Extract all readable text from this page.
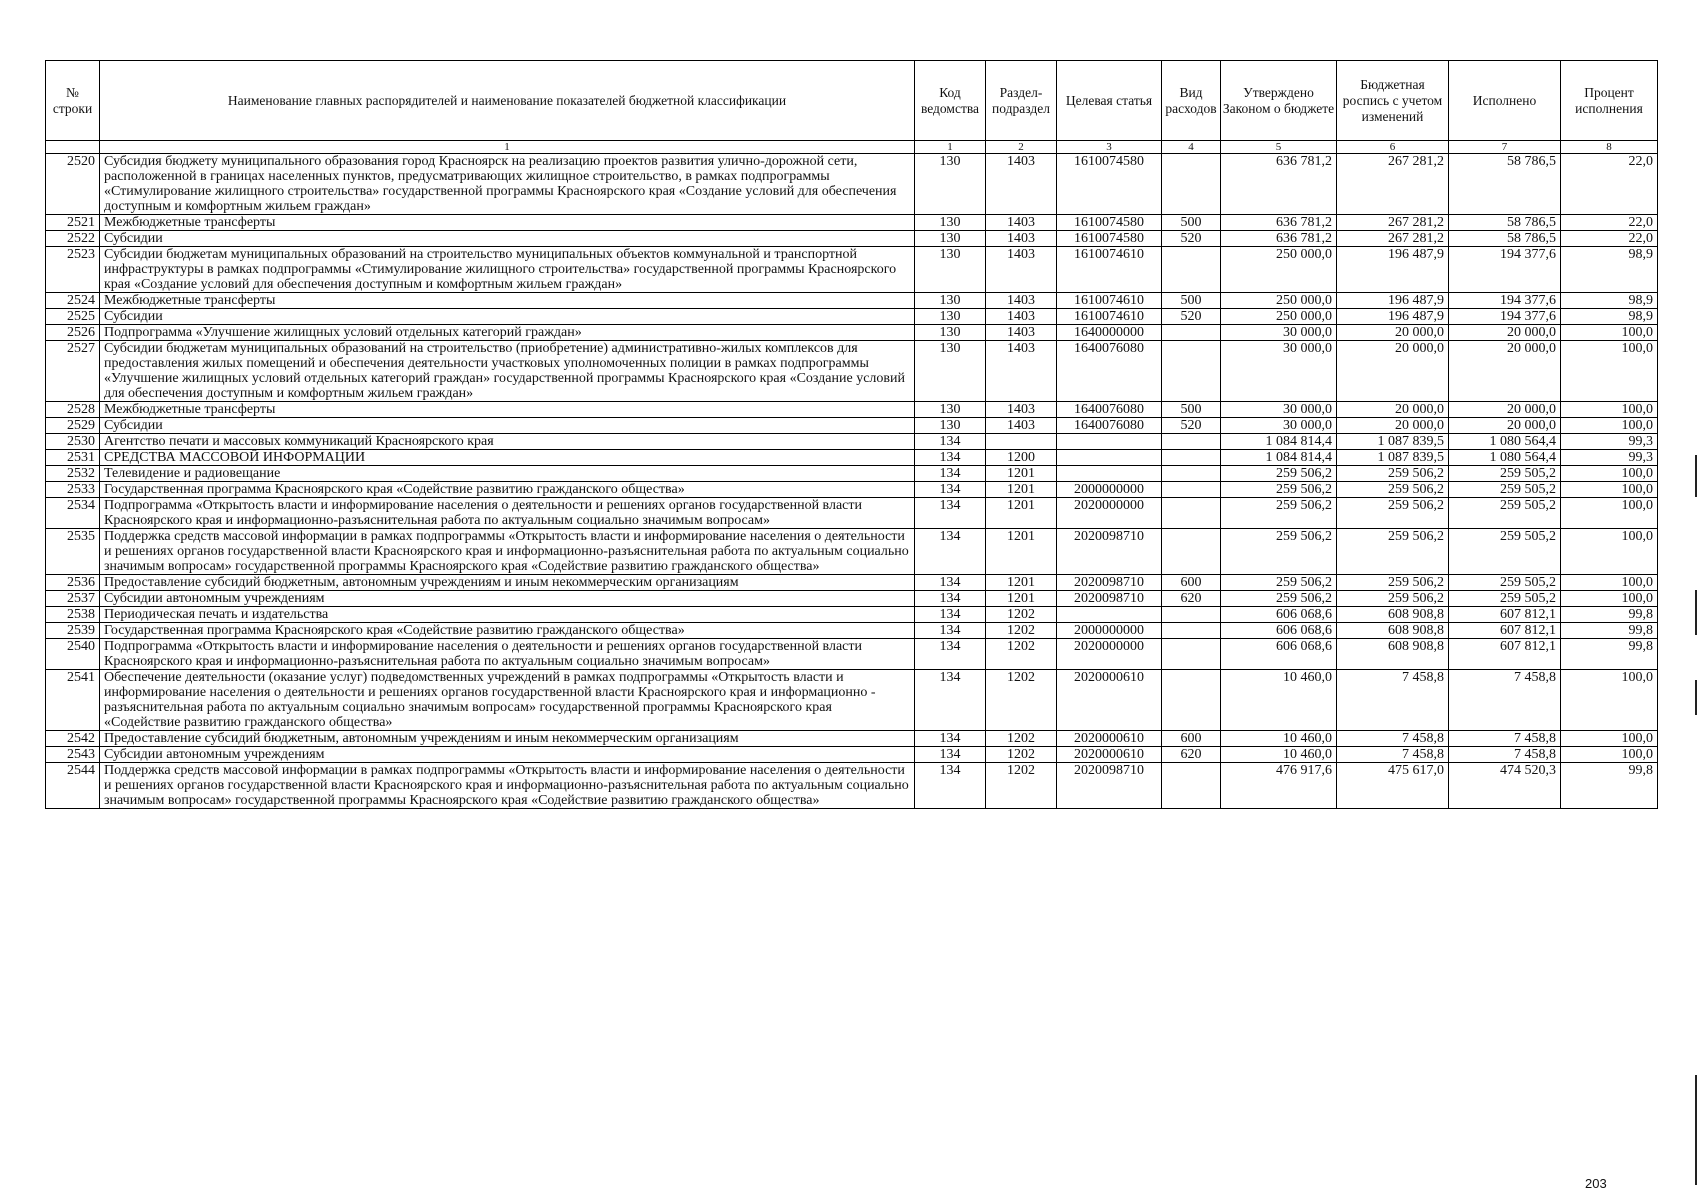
№ строки	Наименование главных распорядителей и наименование показателей бюджетной классификации	Код ведомства	Раздел-подраздел	Целевая статья	Вид расходов	Утверждено Законом о бюджете	Бюджетная роспись с учетом изменений	Исполнено	Процент исполнения
	1	1	2	3	4	5	6	7	8
2520	Субсидия бюджету муниципального образования город Красноярск на реализацию проектов развития улично-дорожной сети, расположенной в границах населенных пунктов, предусматривающих жилищное строительство, в рамках подпрограммы «Стимулирование жилищного строительства» государственной программы Красноярского края «Создание условий для обеспечения доступным и комфортным жильем граждан»	130	1403	1610074580		636 781,2	267 281,2	58 786,5	22,0
2521	Межбюджетные трансферты	130	1403	1610074580	500	636 781,2	267 281,2	58 786,5	22,0
2522	Субсидии	130	1403	1610074580	520	636 781,2	267 281,2	58 786,5	22,0
2523	Субсидии бюджетам муниципальных образований на строительство муниципальных объектов коммунальной и транспортной инфраструктуры в рамках подпрограммы «Стимулирование жилищного строительства» государственной программы Красноярского края «Создание условий для обеспечения доступным и комфортным жильем граждан»	130	1403	1610074610		250 000,0	196 487,9	194 377,6	98,9
2524	Межбюджетные трансферты	130	1403	1610074610	500	250 000,0	196 487,9	194 377,6	98,9
2525	Субсидии	130	1403	1610074610	520	250 000,0	196 487,9	194 377,6	98,9
2526	Подпрограмма «Улучшение жилищных условий отдельных категорий граждан»	130	1403	1640000000		30 000,0	20 000,0	20 000,0	100,0
2527	Субсидии бюджетам муниципальных образований на строительство (приобретение) административно-жилых комплексов для предоставления жилых помещений и обеспечения деятельности участковых уполномоченных полиции в рамках подпрограммы «Улучшение жилищных условий отдельных категорий граждан» государственной программы Красноярского края «Создание условий для обеспечения доступным и комфортным жильем граждан»	130	1403	1640076080		30 000,0	20 000,0	20 000,0	100,0
2528	Межбюджетные трансферты	130	1403	1640076080	500	30 000,0	20 000,0	20 000,0	100,0
2529	Субсидии	130	1403	1640076080	520	30 000,0	20 000,0	20 000,0	100,0
2530	Агентство печати и массовых коммуникаций Красноярского края	134				1 084 814,4	1 087 839,5	1 080 564,4	99,3
2531	СРЕДСТВА МАССОВОЙ ИНФОРМАЦИИ	134	1200			1 084 814,4	1 087 839,5	1 080 564,4	99,3
2532	Телевидение и радиовещание	134	1201			259 506,2	259 506,2	259 505,2	100,0
2533	Государственная программа Красноярского края «Содействие развитию гражданского общества»	134	1201	2000000000		259 506,2	259 506,2	259 505,2	100,0
2534	Подпрограмма «Открытость власти и информирование населения о деятельности и решениях органов государственной власти Красноярского края и информационно-разъяснительная работа по актуальным социально значимым вопросам»	134	1201	2020000000		259 506,2	259 506,2	259 505,2	100,0
2535	Поддержка средств массовой информации в рамках подпрограммы «Открытость власти и информирование населения о деятельности и решениях органов государственной власти Красноярского края и информационно-разъяснительная работа по актуальным социально значимым вопросам» государственной программы Красноярского края «Содействие развитию гражданского общества»	134	1201	2020098710		259 506,2	259 506,2	259 505,2	100,0
2536	Предоставление субсидий бюджетным, автономным учреждениям и иным некоммерческим организациям	134	1201	2020098710	600	259 506,2	259 506,2	259 505,2	100,0
2537	Субсидии автономным учреждениям	134	1201	2020098710	620	259 506,2	259 506,2	259 505,2	100,0
2538	Периодическая печать и издательства	134	1202			606 068,6	608 908,8	607 812,1	99,8
2539	Государственная программа Красноярского края «Содействие развитию гражданского общества»	134	1202	2000000000		606 068,6	608 908,8	607 812,1	99,8
2540	Подпрограмма «Открытость власти и информирование населения о деятельности и решениях органов государственной власти Красноярского края и информационно-разъяснительная работа по актуальным социально значимым вопросам»	134	1202	2020000000		606 068,6	608 908,8	607 812,1	99,8
2541	Обеспечение деятельности (оказание услуг) подведомственных учреждений в рамках подпрограммы «Открытость власти и информирование населения о деятельности и решениях органов государственной власти Красноярского края и информационно - разъяснительная работа по актуальным социально значимым вопросам» государственной программы Красноярского края «Содействие развитию гражданского общества»	134	1202	2020000610		10 460,0	7 458,8	7 458,8	100,0
2542	Предоставление субсидий бюджетным, автономным учреждениям и иным некоммерческим организациям	134	1202	2020000610	600	10 460,0	7 458,8	7 458,8	100,0
2543	Субсидии автономным учреждениям	134	1202	2020000610	620	10 460,0	7 458,8	7 458,8	100,0
2544	Поддержка средств массовой информации в рамках подпрограммы «Открытость власти и информирование населения о деятельности и решениях органов государственной власти Красноярского края и информационно-разъяснительная работа по актуальным социально значимым вопросам» государственной программы Красноярского края «Содействие развитию гражданского общества»	134	1202	2020098710		476 917,6	475 617,0	474 520,3	99,8
203
